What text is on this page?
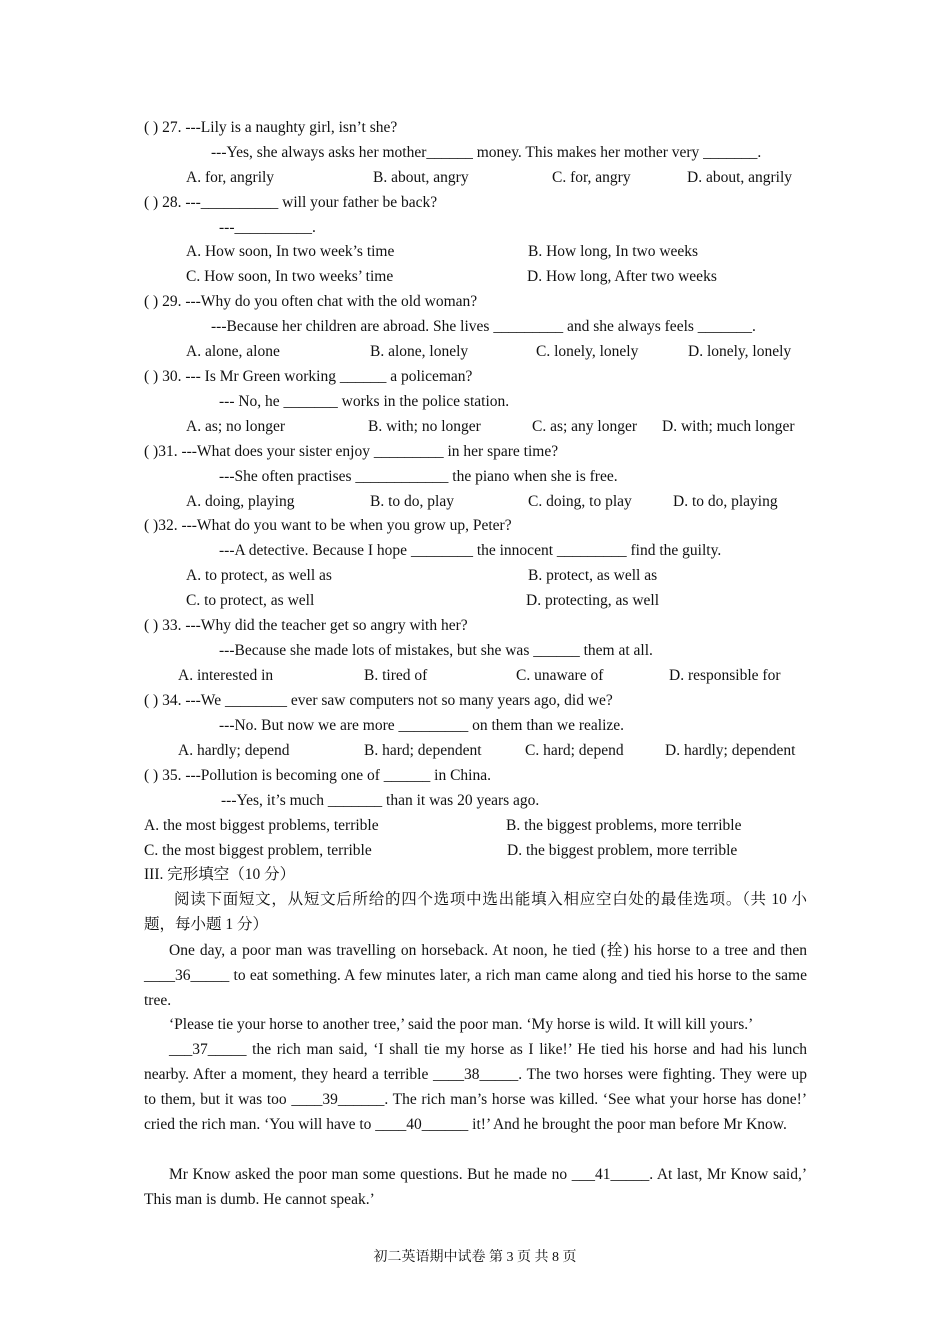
( ) 27. ---Lily is a naughty girl, isn’t she?
---Yes, she always asks her mother______ money. This makes her mother very _______.
A. for, angrily	B. about, angry	C. for, angry	D. about, angrily
( ) 28. ---__________ will your father be back?
---__________.
A. How soon, In two week’s time	B. How long, In two weeks
C. How soon, In two weeks’ time	D. How long, After two weeks
( ) 29. ---Why do you often chat with the old woman?
---Because her children are abroad. She lives _________ and she always feels _______.
A. alone, alone	B. alone, lonely	C. lonely, lonely	D. lonely, lonely
( ) 30. --- Is Mr Green working ______ a policeman?
--- No, he _______ works in the police station.
A. as; no longer	B. with; no longer	C. as; any longer D. with; much longer
( )31. ---What does your sister enjoy _________ in her spare time?
---She often practises ____________ the piano when she is free.
A. doing, playing	B. to do, play	C. doing, to play	D. to do, playing
( )32. ---What do you want to be when you grow up, Peter?
---A detective. Because I hope ________ the innocent _________ find the guilty.
A. to protect, as well as	B. protect, as well as
C. to protect, as well	D. protecting, as well
( ) 33. ---Why did the teacher get so angry with her?
---Because she made lots of mistakes, but she was ______ them at all.
A. interested in	B. tired of	C. unaware of	D. responsible for
( ) 34. ---We ________ ever saw computers not so many years ago, did we?
---No. But now we are more _________ on them than we realize.
A. hardly; depend	B. hard; dependent	C. hard; depend	D. hardly; dependent
( ) 35. ---Pollution is becoming one of ______ in China.
---Yes, it’s much _______ than it was 20 years ago.
A. the most biggest problems, terrible	B. the biggest problems, more terrible
C. the most biggest problem, terrible	D. the biggest problem, more terrible
III. 完形填空（10 分）
阅读下面短文，从短文后所给的四个选项中选出能填入相应空白处的最佳选项。（共 10 小题，每小题 1 分）
One day, a poor man was travelling on horseback. At noon, he tied (拴) his horse to a tree and then ____36_____ to eat something. A few minutes later, a rich man came along and tied his horse to the same tree.
‘Please tie your horse to another tree,’ said the poor man. ‘My horse is wild. It will kill yours.’
___37_____ the rich man said, ‘I shall tie my horse as I like!’ He tied his horse and had his lunch nearby. After a moment, they heard a terrible ____38_____. The two horses were fighting. They were up to them, but it was too ____39______. The rich man’s horse was killed. ‘See what your horse has done!’ cried the rich man. ‘You will have to ____40______ it!’ And he brought the poor man before Mr Know.
Mr Know asked the poor man some questions. But he made no ___41_____. At last, Mr Know said,’ This man is dumb. He cannot speak.’
初二英语期中试卷 第 3 页 共 8 页
